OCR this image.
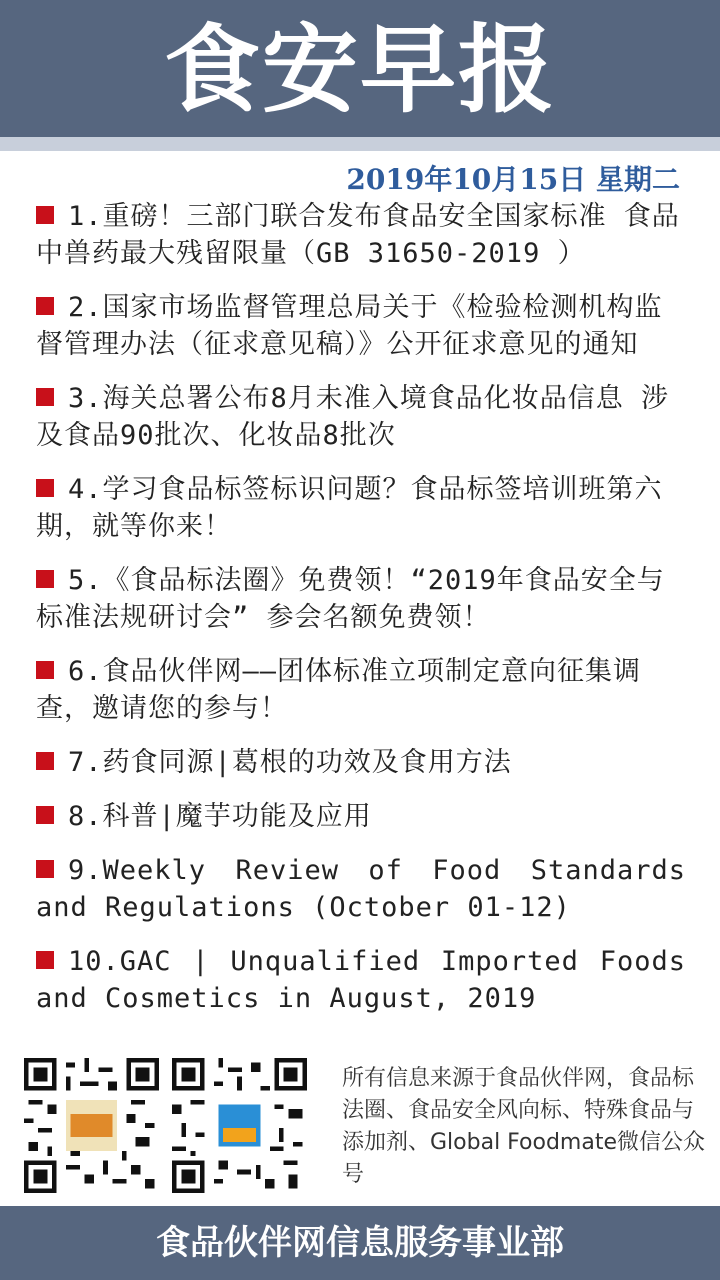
食安早报
2019年10月15日 星期二
1.重磅！三部门联合发布食品安全国家标准 食品中兽药最大残留限量（GB 31650-2019 ）
2.国家市场监督管理总局关于《检验检测机构监督管理办法（征求意见稿）》公开征求意见的通知
3.海关总署公布8月未准入境食品化妆品信息 涉及食品90批次、化妆品8批次
4.学习食品标签标识问题？食品标签培训班第六期，就等你来！
5.《食品标法圈》免费领！“2019年食品安全与标准法规研讨会” 参会名额免费领！
6.食品伙伴网——团体标准立项制定意向征集调查，邀请您的参与！
7.药食同源|葛根的功效及食用方法
8.科普|魔芋功能及应用
9.Weekly Review of Food Standards and Regulations (October 01-12)
10.GAC | Unqualified Imported Foods and Cosmetics in August, 2019
所有信息来源于食品伙伴网，食品标法圈、食品安全风向标、特殊食品与添加剂、Global Foodmate微信公众号
食品伙伴网信息服务事业部
